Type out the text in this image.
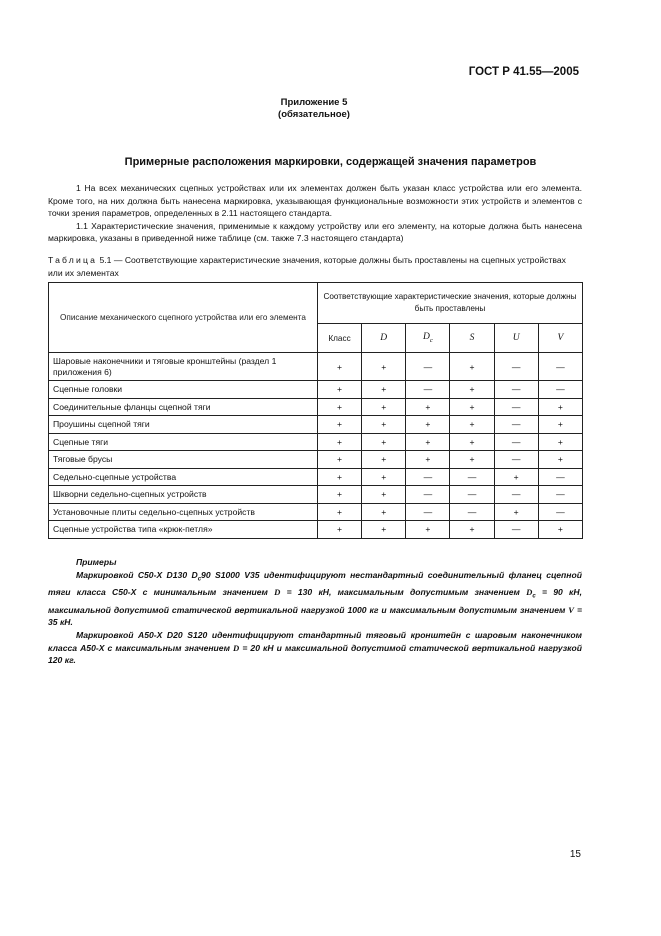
ГОСТ Р 41.55—2005
Приложение 5
(обязательное)
Примерные расположения маркировки, содержащей значения параметров

1 На всех механических сцепных устройствах или их элементах должен быть указан класс устройства или его элемента. Кроме того, на них должна быть нанесена маркировка, указывающая функциональные возможности этих устройств и элементов с точки зрения параметров, определенных в 2.11 настоящего стандарта.

1.1 Характеристические значения, применимые к каждому устройству или его элементу, на которые должна быть нанесена маркировка, указаны в приведенной ниже таблице (см. также 7.3 настоящего стандарта)

Таблица 5.1 — Соответствующие характеристические значения, которые должны быть проставлены на сцепных устройствах или их элементах
Описание механического сцепного устройства или его элемента	Соответствующие характеристические значения, которые должны быть проставлены					
	Класс	D	$D_c$	S	U	V
Шаровые наконечники и тяговые кронштейны (раздел 1 приложения 6)	+	+	—	+	—	—
Сцепные головки	+	+	—	+	—	—
Соединительные фланцы сцепной тяги	+	+	+	+	—	+
Проушины сцепной тяги	+	+	+	+	—	+
Сцепные тяги	+	+	+	+	—	+
Тяговые брусы	+	+	+	+	—	+
Седельно-сцепные устройства	+	+	—	—	+	—
Шкворни седельно-сцепных устройств	+	+	—	—	—	—
Установочные плиты седельно-сцепных устройств	+	+	—	—	+	—
Сцепные устройства типа «крюк-петля»	+	+	+	+	—	+

Примеры

Маркировкой С50-X D130 $D_c90$ S1000 V35 идентифицируют нестандартный соединительный фланец сцепной тяги класса С50-X с минимальным значением D = 130 кН, максимальным допустимым значением $D_c = 90$ кН, максимальной допустимой статической вертикальной нагрузкой 1000 кг и максимальным допустимым значением V = 35 кН.

Маркировкой А50-X D20 S120 идентифицируют стандартный тяговый кронштейн с шаровым наконечником класса А50-X с максимальным значением D = 20 кН и максимальной допустимой статической вертикальной нагрузкой 120 кг.

15
